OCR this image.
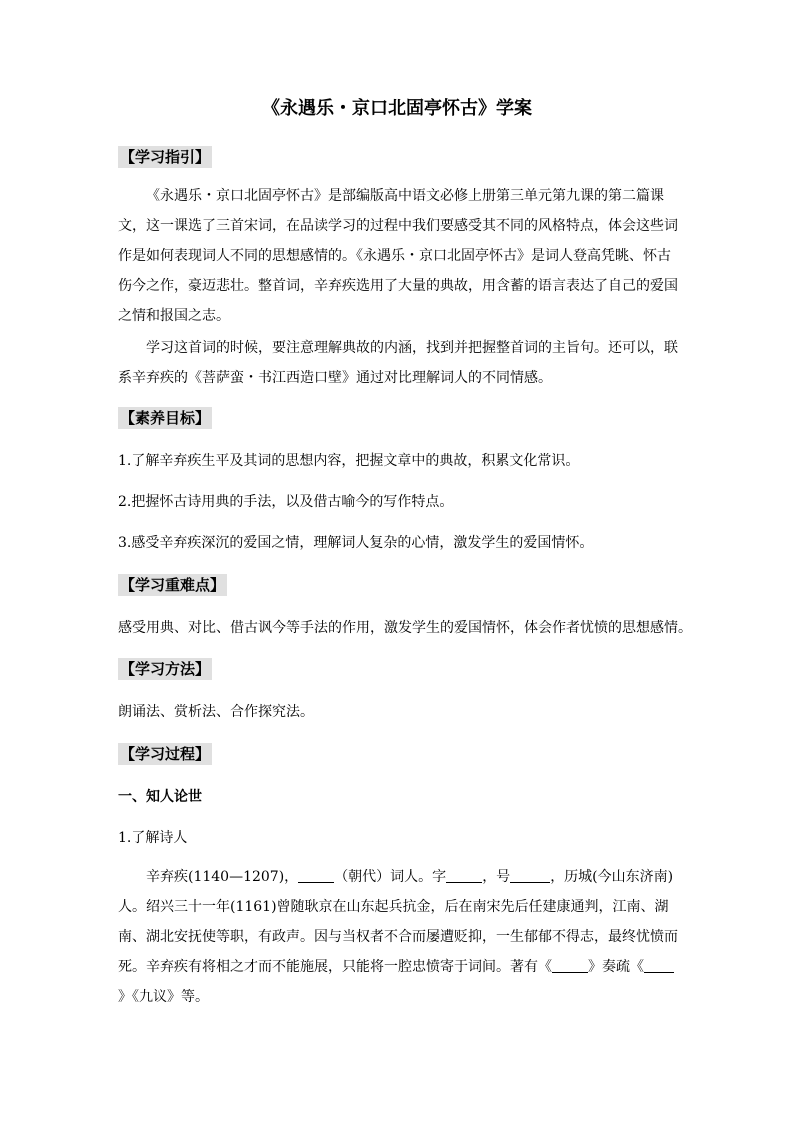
《永遇乐・京口北固亭怀古》学案
【学习指引】
《永遇乐・京口北固亭怀古》是部编版高中语文必修上册第三单元第九课的第二篇课文，这一课选了三首宋词，在品读学习的过程中我们要感受其不同的风格特点，体会这些词作是如何表现词人不同的思想感情的。《永遇乐・京口北固亭怀古》是词人登高凭眺、怀古伤今之作，豪迈悲壮。整首词，辛弃疾选用了大量的典故，用含蓄的语言表达了自己的爱国之情和报国之志。
学习这首词的时候，要注意理解典故的内涵，找到并把握整首词的主旨句。还可以，联系辛弃疾的《菩萨蛮・书江西造口壁》通过对比理解词人的不同情感。
【素养目标】
1.了解辛弃疾生平及其词的思想内容，把握文章中的典故，积累文化常识。
2.把握怀古诗用典的手法，以及借古喻今的写作特点。
3.感受辛弃疾深沉的爱国之情，理解词人复杂的心情，激发学生的爱国情怀。
【学习重难点】
感受用典、对比、借古讽今等手法的作用，激发学生的爱国情怀，体会作者忧愤的思想感情。
【学习方法】
朗诵法、赏析法、合作探究法。
【学习过程】
一、知人论世
1.了解诗人
辛弃疾(1140—1207)，	（朝代）词人。字	，号	，历城(今山东济南)人。绍兴三十一年(1161)曾随耿京在山东起兵抗金，后在南宋先后任建康通判，江南、湖南、湖北安抚使等职，有政声。因与当权者不合而屡遭贬抑，一生郁郁不得志，最终忧愤而死。辛弃疾有将相之才而不能施展，只能将一腔忠愤寄于词间。著有《	》奏疏《》《九议》等。
